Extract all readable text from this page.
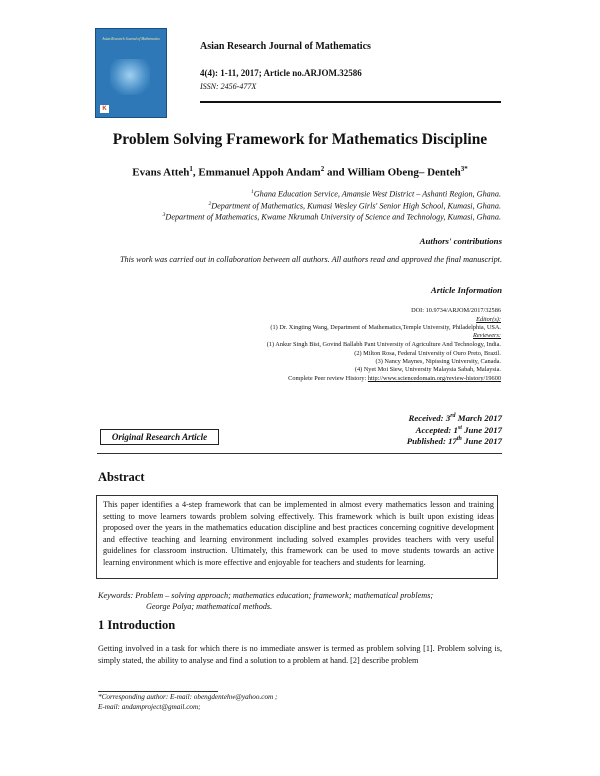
Asian Research Journal of Mathematics
K
Asian Research Journal of Mathematics
4(4): 1-11, 2017; Article no.ARJOM.32586
ISSN: 2456-477X
Problem Solving Framework for Mathematics Discipline
Evans Atteh$^1$, Emmanuel Appoh Andam$^2$ and William Obeng– Denteh$^{3*}$
$^1$Ghana Education Service, Amansie West District – Ashanti Region, Ghana.
$^2$Department of Mathematics, Kumasi Wesley Girls' Senior High School, Kumasi, Ghana.
$^3$Department of Mathematics, Kwame Nkrumah University of Science and Technology, Kumasi, Ghana.
Authors' contributions
This work was carried out in collaboration between all authors. All authors read and approved the final manuscript.
Article Information
DOI: 10.9734/ARJOM/2017/32586
Editor(s):
(1) Dr. Xingting Wang, Department of Mathematics,Temple University, Philadelphia, USA.
Reviewers:
(1) Ankur Singh Bist, Govind Ballabh Pant University of Agriculture And Technology, India.
(2) Milton Rosa, Federal University of Ouro Preto, Brazil.
(3) Nancy Maynes, Nipissing University, Canada.
(4) Nyet Moi Siew, University Malaysia Sabah, Malaysia.
Complete Peer review History: http://www.sciencedomain.org/review-history/19600
Received: 3rd March 2017
Accepted: 1st June 2017
Published: 17th June 2017
Original Research Article
Abstract
This paper identifies a 4-step framework that can be implemented in almost every mathematics lesson and training setting to move learners towards problem solving effectively. This framework which is built upon existing ideas proposed over the years in the mathematics education discipline and best practices concerning cognitive development and effective teaching and learning environment including solved examples provides teachers with very useful guidelines for classroom instruction. Ultimately, this framework can be used to move students towards an active learning environment which is more effective and enjoyable for teachers and students for learning.
Keywords: Problem – solving approach; mathematics education; framework; mathematical problems;
George Polya; mathematical methods.
1 Introduction
Getting involved in a task for which there is no immediate answer is termed as problem solving [1]. Problem solving is, simply stated, the ability to analyse and find a solution to a problem at hand. [2] describe problem
*Corresponding author: E-mail: obengdentehw@yahoo.com ;
E-mail: andamproject@gmail.com;
